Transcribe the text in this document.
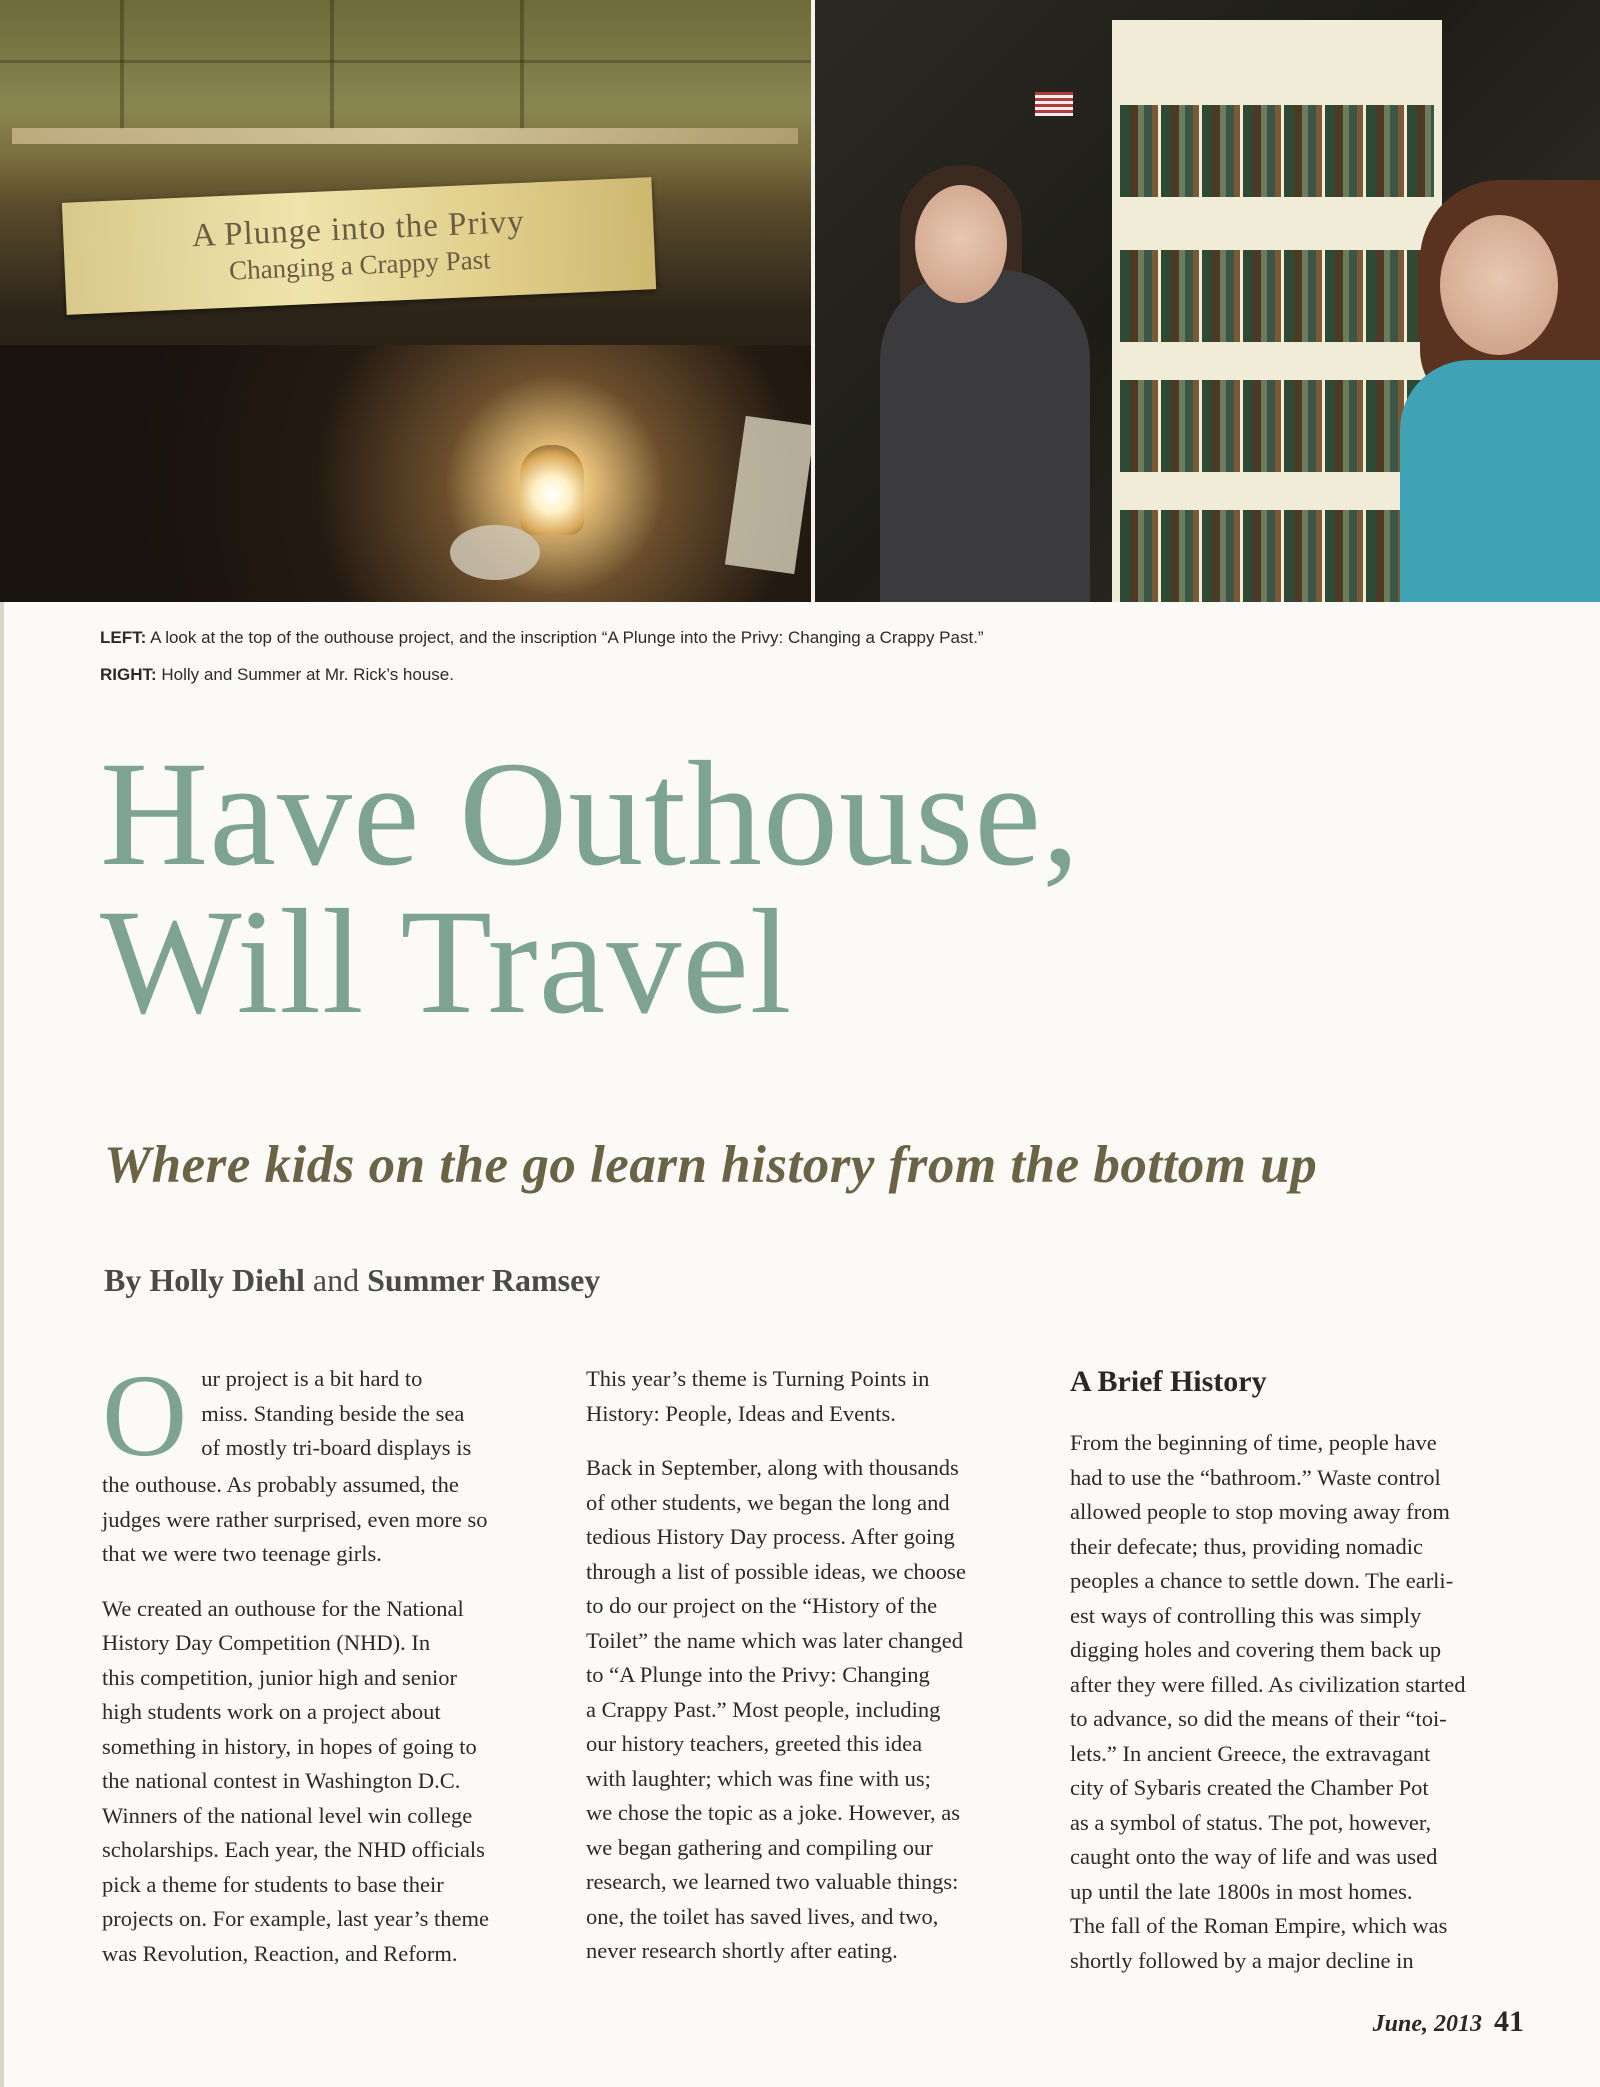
A Plunge into the Privy
Changing a Crappy Past
LEFT: A look at the top of the outhouse project, and the inscription “A Plunge into the Privy: Changing a Crappy Past.”
RIGHT: Holly and Summer at Mr. Rick’s house.
Have Outhouse,
Will Travel
Where kids on the go learn history from the bottom up
By Holly Diehl and Summer Ramsey

O ur project is a bit hard to
miss. Standing beside the sea
of mostly tri-board displays is
the outhouse. As probably assumed, the
judges were rather surprised, even more so
that we were two teenage girls.

We created an outhouse for the National
History Day Competition (NHD). In
this competition, junior high and senior
high students work on a project about
something in history, in hopes of going to
the national contest in Washington D.C.
Winners of the national level win college
scholarships. Each year, the NHD officials
pick a theme for students to base their
projects on. For example, last year’s theme
was Revolution, Reaction, and Reform.

This year’s theme is Turning Points in
History: People, Ideas and Events.

Back in September, along with thousands
of other students, we began the long and
tedious History Day process. After going
through a list of possible ideas, we choose
to do our project on the “History of the
Toilet” the name which was later changed
to “A Plunge into the Privy: Changing
a Crappy Past.” Most people, including
our history teachers, greeted this idea
with laughter; which was fine with us;
we chose the topic as a joke. However, as
we began gathering and compiling our
research, we learned two valuable things:
one, the toilet has saved lives, and two,
never research shortly after eating.

A Brief History

From the beginning of time, people have
had to use the “bathroom.” Waste control
allowed people to stop moving away from
their defecate; thus, providing nomadic
peoples a chance to settle down. The earli-
est ways of controlling this was simply
digging holes and covering them back up
after they were filled. As civilization started
to advance, so did the means of their “toi-
lets.” In ancient Greece, the extravagant
city of Sybaris created the Chamber Pot
as a symbol of status. The pot, however,
caught onto the way of life and was used
up until the late 1800s in most homes.
The fall of the Roman Empire, which was
shortly followed by a major decline in

June, 2013 41
